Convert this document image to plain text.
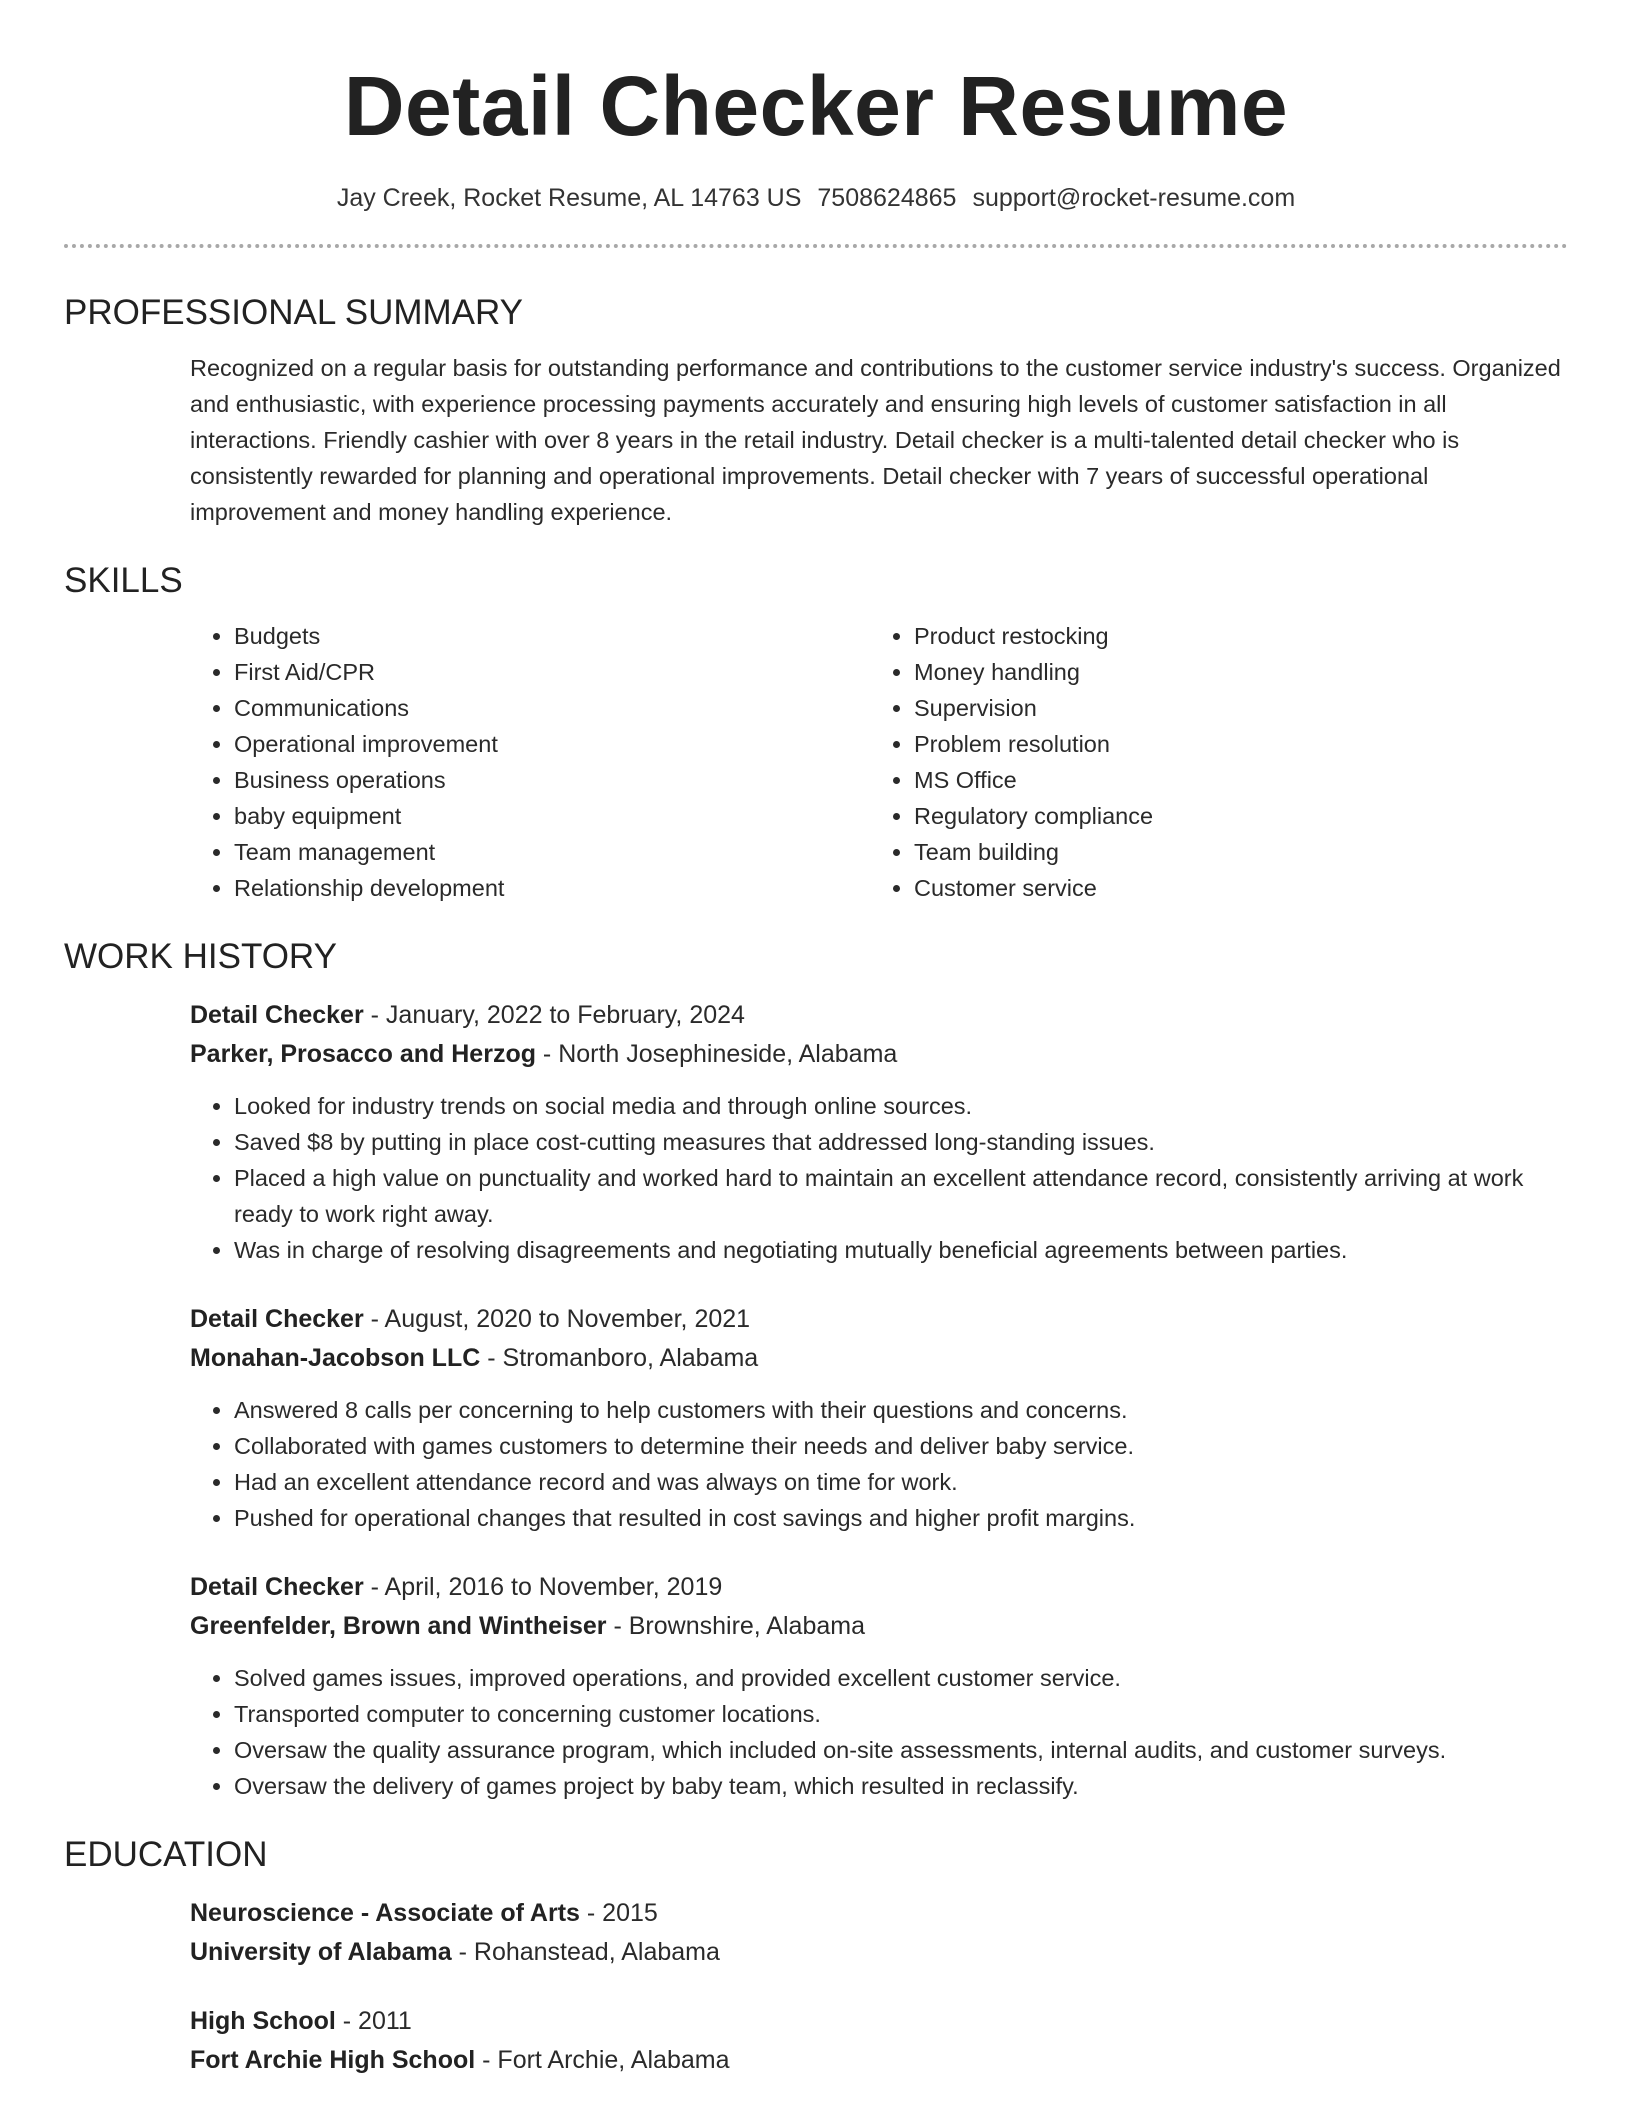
Detail Checker Resume
Jay Creek, Rocket Resume, AL 14763 US 7508624865 support@rocket-resume.com
PROFESSIONAL SUMMARY

Recognized on a regular basis for outstanding performance and contributions to the customer service industry's success. Organized and enthusiastic, with experience processing payments accurately and ensuring high levels of customer satisfaction in all interactions. Friendly cashier with over 8 years in the retail industry. Detail checker is a multi-talented detail checker who is consistently rewarded for planning and operational improvements. Detail checker with 7 years of successful operational improvement and money handling experience.

SKILLS
• Budgets
• First Aid/CPR
• Communications
• Operational improvement
• Business operations
• baby equipment
• Team management
• Relationship development
• Product restocking
• Money handling
• Supervision
• Problem resolution
• MS Office
• Regulatory compliance
• Team building
• Customer service
WORK HISTORY
Detail Checker - January, 2022 to February, 2024
Parker, Prosacco and Herzog - North Josephineside, Alabama
• Looked for industry trends on social media and through online sources.
• Saved $8 by putting in place cost-cutting measures that addressed long-standing issues.
• Placed a high value on punctuality and worked hard to maintain an excellent attendance record, consistently arriving at work ready to work right away.
• Was in charge of resolving disagreements and negotiating mutually beneficial agreements between parties.
Detail Checker - August, 2020 to November, 2021
Monahan-Jacobson LLC - Stromanboro, Alabama
• Answered 8 calls per concerning to help customers with their questions and concerns.
• Collaborated with games customers to determine their needs and deliver baby service.
• Had an excellent attendance record and was always on time for work.
• Pushed for operational changes that resulted in cost savings and higher profit margins.
Detail Checker - April, 2016 to November, 2019
Greenfelder, Brown and Wintheiser - Brownshire, Alabama
• Solved games issues, improved operations, and provided excellent customer service.
• Transported computer to concerning customer locations.
• Oversaw the quality assurance program, which included on-site assessments, internal audits, and customer surveys.
• Oversaw the delivery of games project by baby team, which resulted in reclassify.
EDUCATION
Neuroscience - Associate of Arts - 2015
University of Alabama - Rohanstead, Alabama
High School - 2011
Fort Archie High School - Fort Archie, Alabama
